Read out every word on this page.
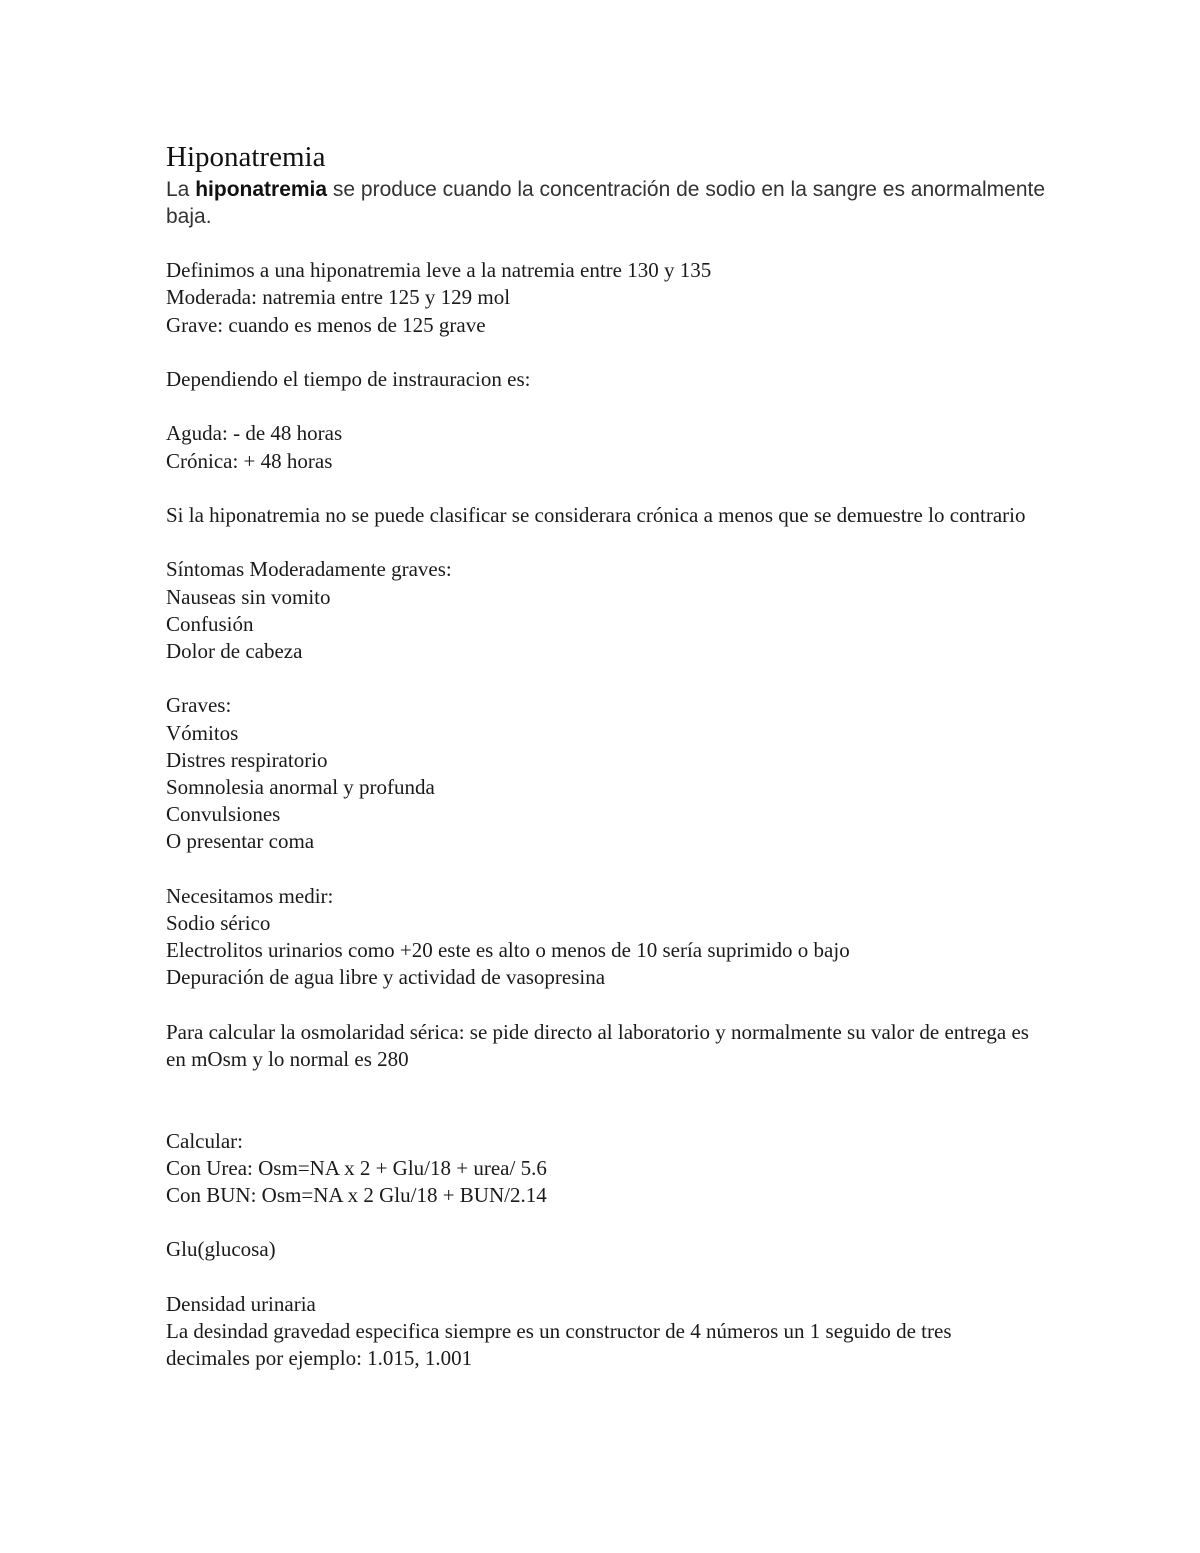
Hiponatremia

La hiponatremia se produce cuando la concentración de sodio en la sangre es anormalmente baja.

Definimos a una hiponatremia leve a la natremia entre 130 y 135
Moderada: natremia entre 125 y 129 mol
Grave: cuando es menos de 125 grave
Dependiendo el tiempo de instrauracion es:
Aguda: - de 48 horas
Crónica: + 48 horas
Si la hiponatremia no se puede clasificar se considerara crónica a menos que se demuestre lo contrario
Síntomas Moderadamente graves:
Nauseas sin vomito
Confusión
Dolor de cabeza
Graves:
Vómitos
Distres respiratorio
Somnolesia anormal y profunda
Convulsiones
O presentar coma
Necesitamos medir:
Sodio sérico
Electrolitos urinarios como +20 este es alto o menos de 10 sería suprimido o bajo
Depuración de agua libre y actividad de vasopresina
Para calcular la osmolaridad sérica: se pide directo al laboratorio y normalmente su valor de entrega es en mOsm y lo normal es 280
Calcular:
Con Urea: Osm=NA x 2 + Glu/18 + urea/ 5.6
Con BUN: Osm=NA x 2 Glu/18 + BUN/2.14
Glu(glucosa)
Densidad urinaria
La desindad gravedad especifica siempre es un constructor de 4 números un 1 seguido de tres decimales por ejemplo: 1.015, 1.001
